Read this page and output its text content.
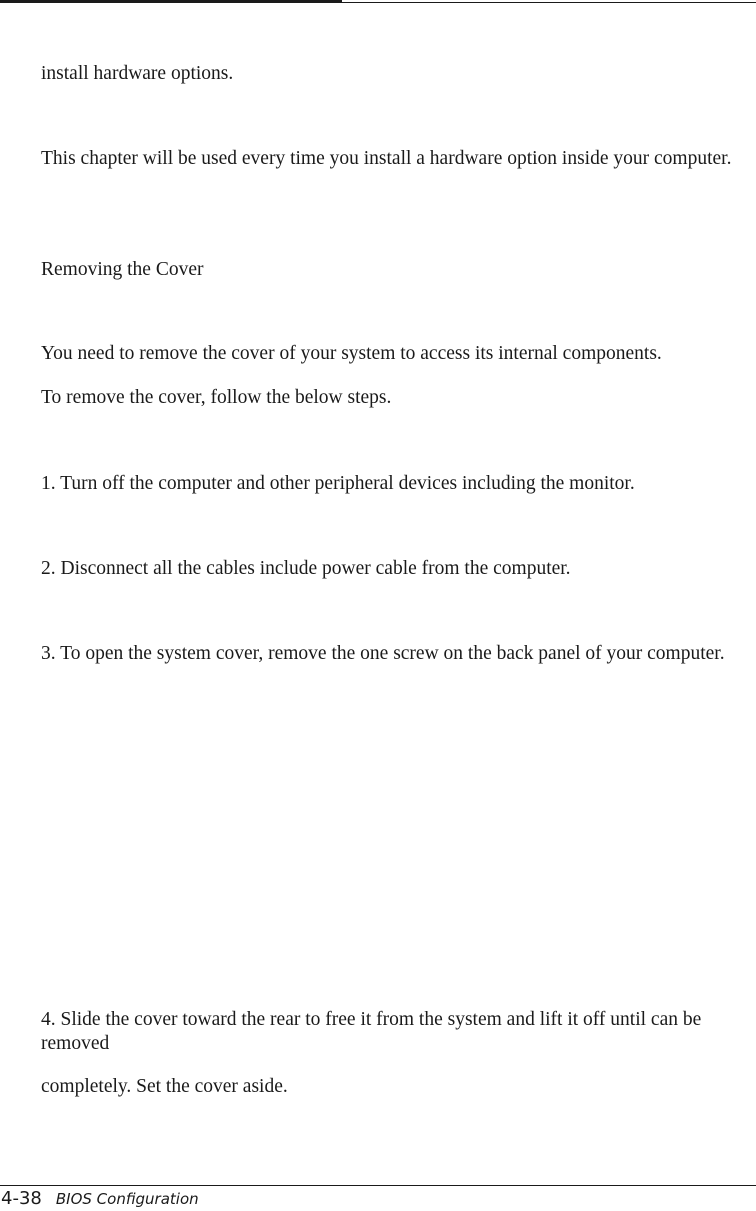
install hardware options.

This chapter will be used every time you install a hardware option inside your computer.

Removing the Cover

You need to remove the cover of your system to access its internal components.

To remove the cover, follow the below steps.

1. Turn off the computer and other peripheral devices including the monitor.

2. Disconnect all the cables include power cable from the computer.

3. To open the system cover, remove the one screw on the back panel of your computer.

4. Slide the cover toward the rear to free it from the system and lift it off until can be removed

completely. Set the cover aside.

4-38 BIOS Configuration
